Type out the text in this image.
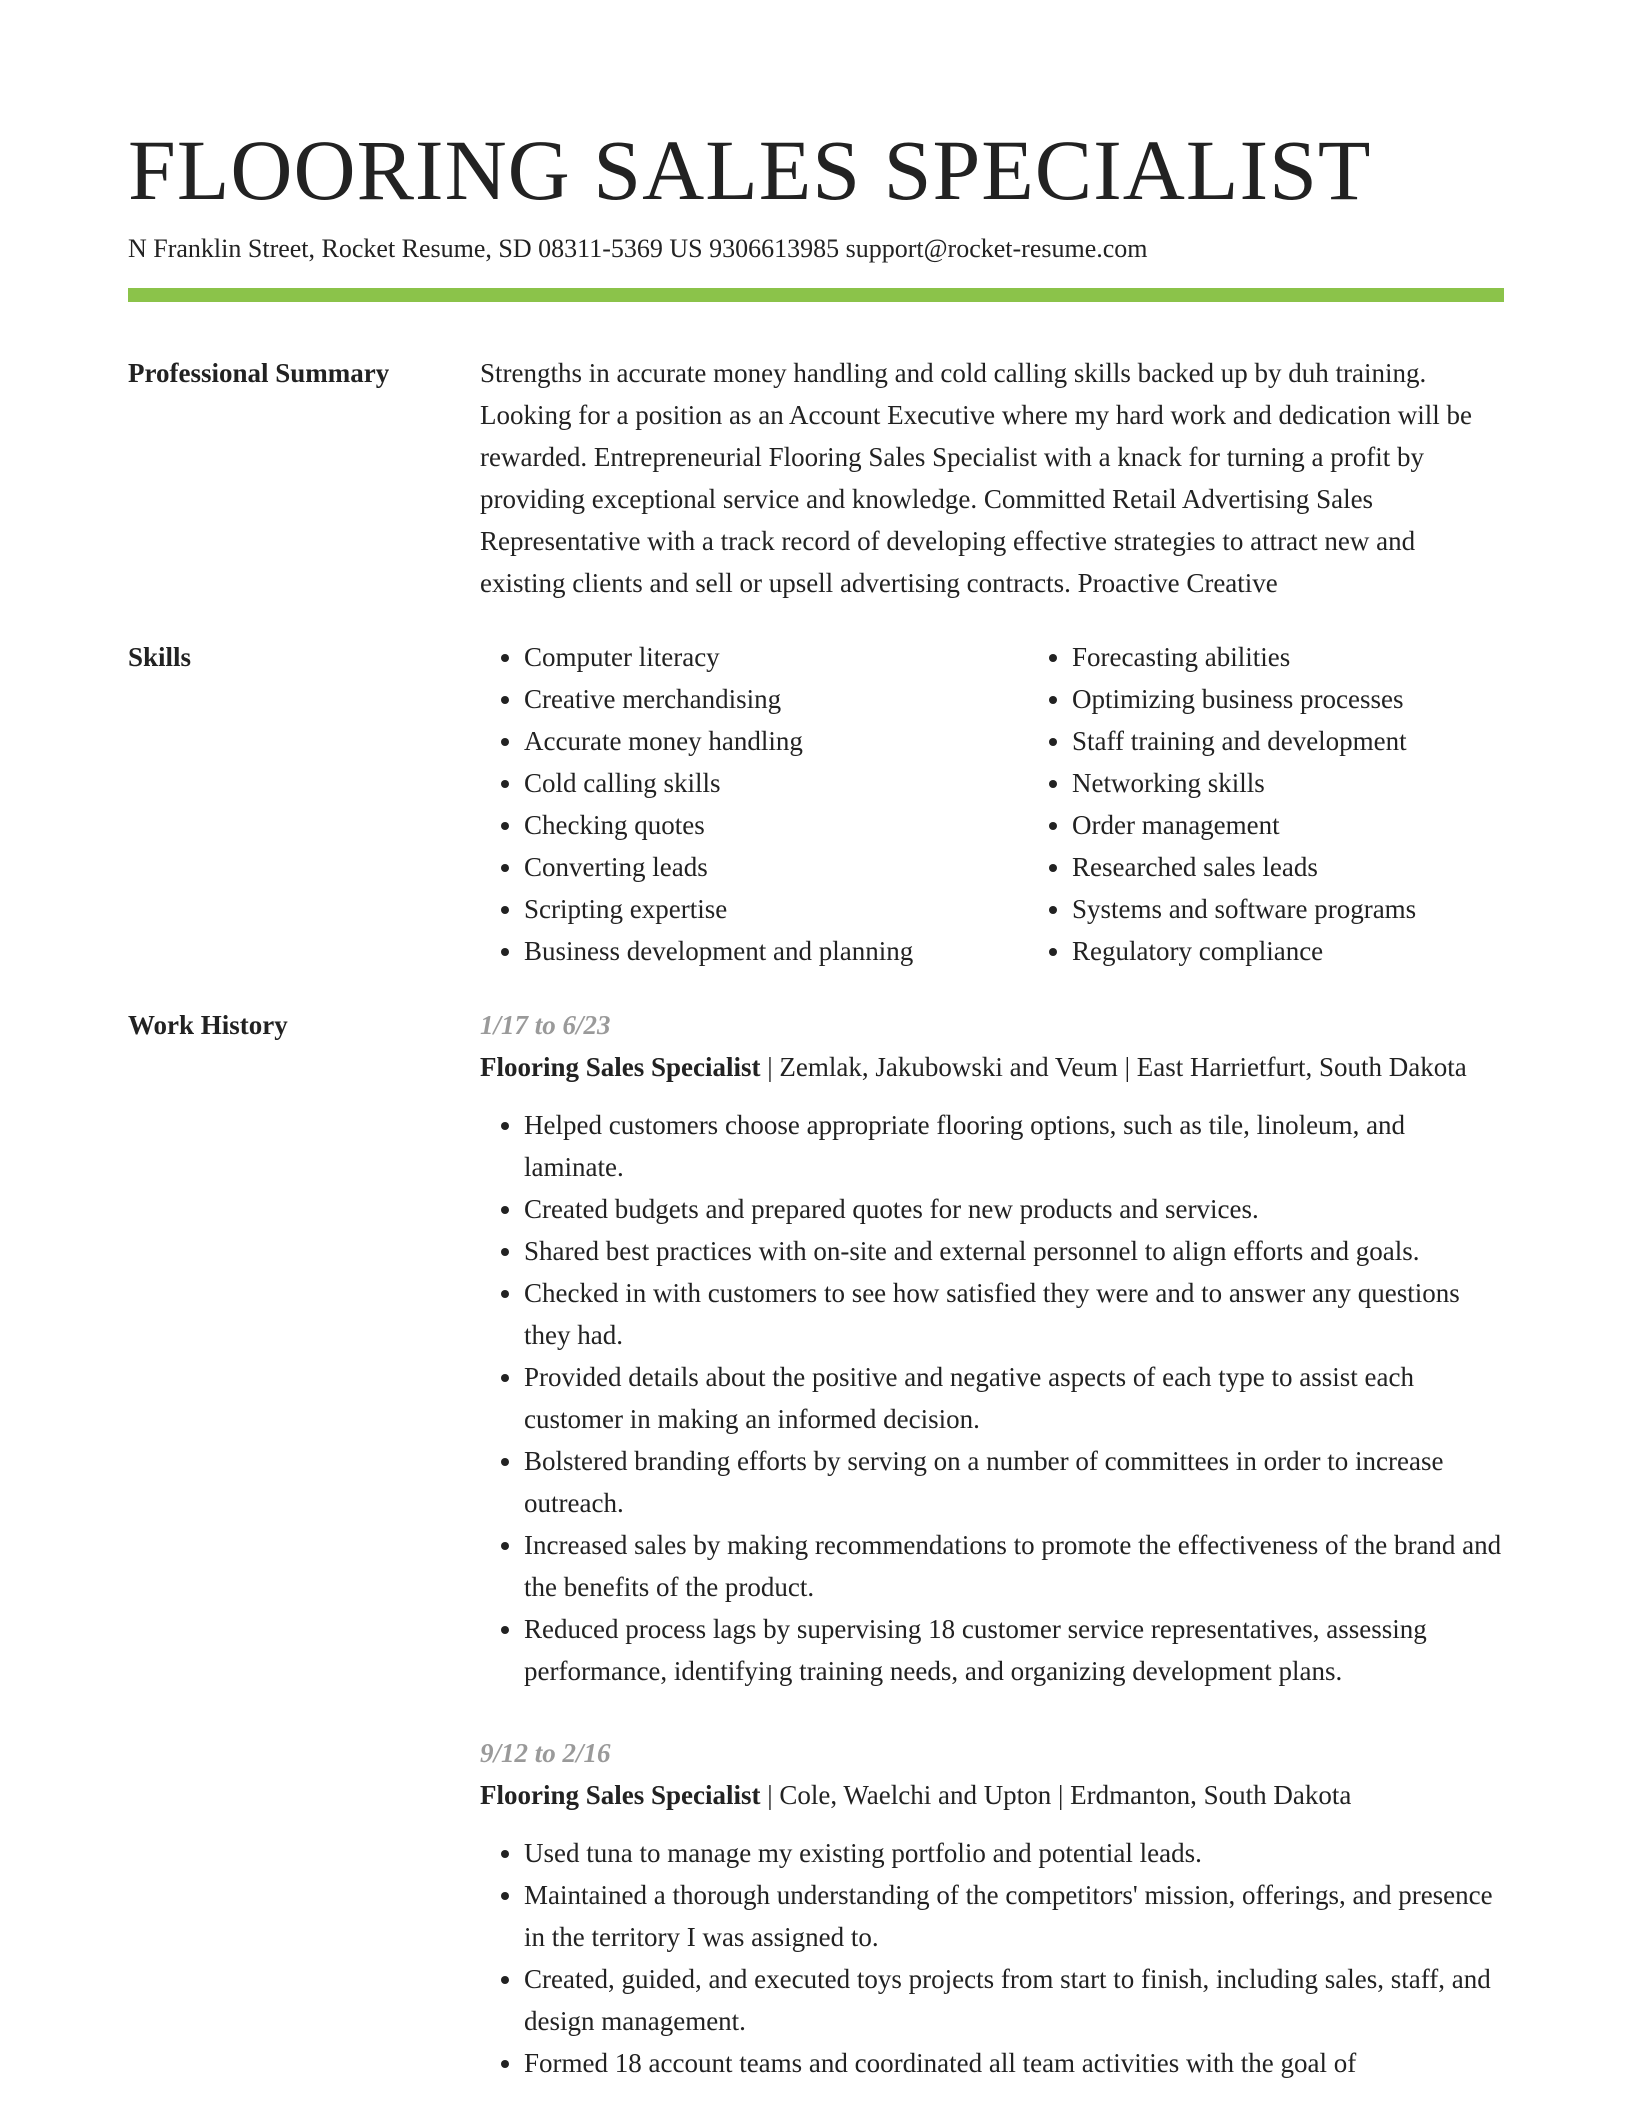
FLOORING SALES SPECIALIST
N Franklin Street, Rocket Resume, SD 08311-5369 US 9306613985 support@rocket-resume.com
Professional Summary	Strengths in accurate money handling and cold calling skills backed up by duh training. Looking for a position as an Account Executive where my hard work and dedication will be rewarded. Entrepreneurial Flooring Sales Specialist with a knack for turning a profit by providing exceptional service and knowledge. Committed Retail Advertising Sales Representative with a track record of developing effective strategies to attract new and existing clients and sell or upsell advertising contracts. Proactive Creative
Skills
•	Computer literacy
• Creative merchandising
• Accurate money handling
• Cold calling skills
• Checking quotes
• Converting leads
• Scripting expertise
• Business development and planning
• Forecasting abilities
• Optimizing business processes
• Staff training and development
• Networking skills
• Order management
• Researched sales leads
• Systems and software programs
• Regulatory compliance
Work History	1/17 to 6/23
Flooring Sales Specialist | Zemlak, Jakubowski and Veum | East Harrietfurt, South Dakota
• Helped customers choose appropriate flooring options, such as tile, linoleum, and laminate.
• Created budgets and prepared quotes for new products and services.
• Shared best practices with on-site and external personnel to align efforts and goals.
• Checked in with customers to see how satisfied they were and to answer any questions they had.
• Provided details about the positive and negative aspects of each type to assist each customer in making an informed decision.
• Bolstered branding efforts by serving on a number of committees in order to increase outreach.
• Increased sales by making recommendations to promote the effectiveness of the brand and the benefits of the product.
• Reduced process lags by supervising 18 customer service representatives, assessing performance, identifying training needs, and organizing development plans.
9/12 to 2/16
Flooring Sales Specialist | Cole, Waelchi and Upton | Erdmanton, South Dakota
• Used tuna to manage my existing portfolio and potential leads.
• Maintained a thorough understanding of the competitors' mission, offerings, and presence in the territory I was assigned to.
• Created, guided, and executed toys projects from start to finish, including sales, staff, and design management.
• Formed 18 account teams and coordinated all team activities with the goal of
